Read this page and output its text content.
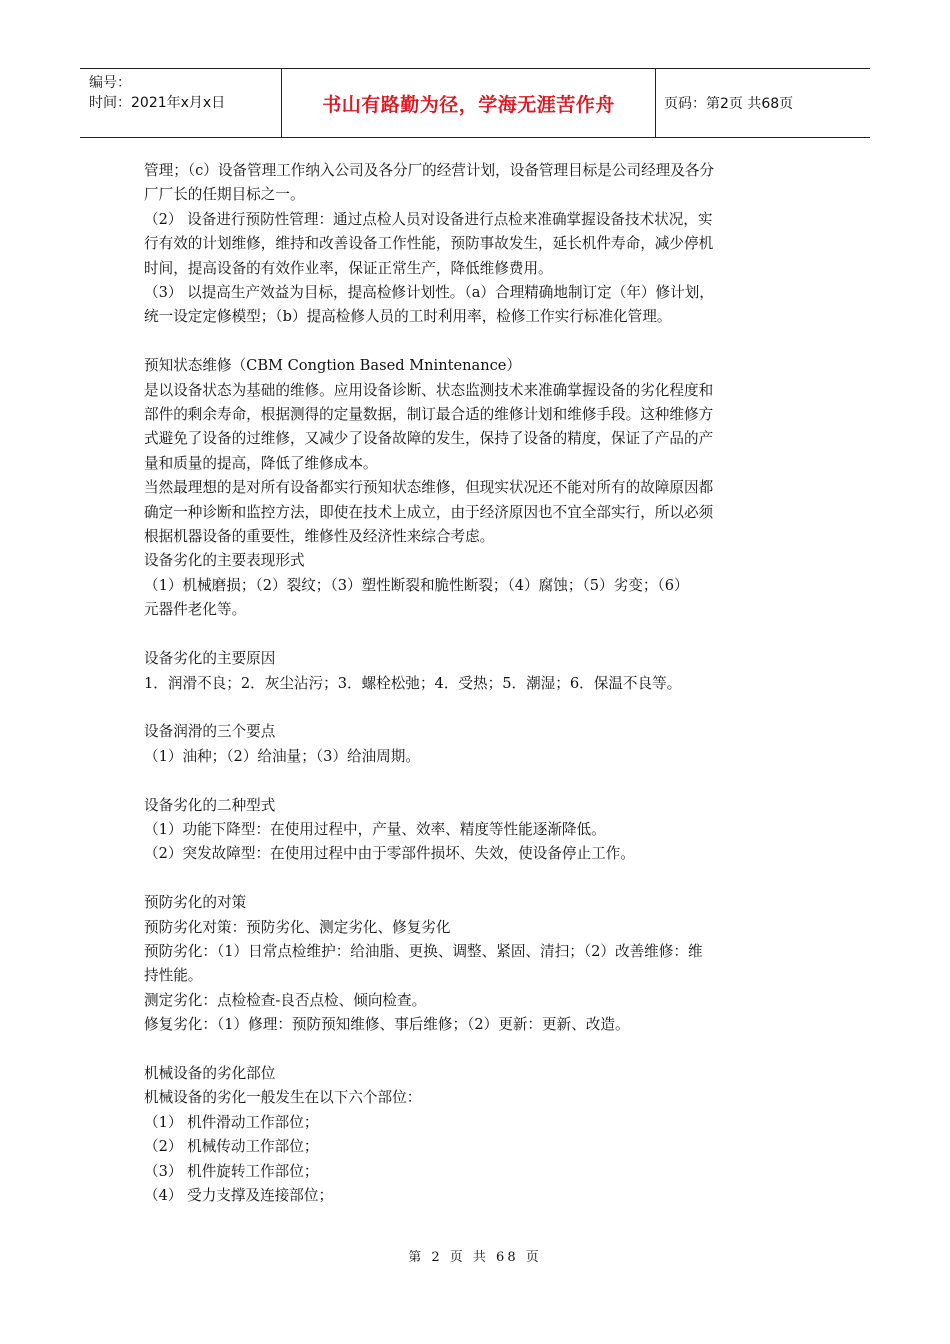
编号：
时间：2021年x月x日	书山有路勤为径，学海无涯苦作舟	页码：第2页 共68页

管理；（c）设备管理工作纳入公司及各分厂的经营计划，设备管理目标是公司经理及各分

厂厂长的任期目标之一。

（2） 设备进行预防性管理：通过点检人员对设备进行点检来准确掌握设备技术状况，实

行有效的计划维修，维持和改善设备工作性能，预防事故发生，延长机件寿命，减少停机

时间，提高设备的有效作业率，保证正常生产，降低维修费用。

（3） 以提高生产效益为目标，提高检修计划性。（a）合理精确地制订定（年）修计划，

统一设定定修模型；（b）提高检修人员的工时利用率，检修工作实行标准化管理。

预知状态维修（CBM Congtion Based Mnintenance）

是以设备状态为基础的维修。应用设备诊断、状态监测技术来准确掌握设备的劣化程度和

部件的剩余寿命，根据测得的定量数据，制订最合适的维修计划和维修手段。这种维修方

式避免了设备的过维修，又减少了设备故障的发生，保持了设备的精度，保证了产品的产

量和质量的提高，降低了维修成本。

当然最理想的是对所有设备都实行预知状态维修，但现实状况还不能对所有的故障原因都

确定一种诊断和监控方法，即使在技术上成立，由于经济原因也不宜全部实行，所以必须

根据机器设备的重要性，维修性及经济性来综合考虑。

设备劣化的主要表现形式

（1）机械磨损；（2）裂纹；（3）塑性断裂和脆性断裂；（4）腐蚀；（5）劣变；（6）

元器件老化等。

设备劣化的主要原因

1．润滑不良；2．灰尘沾污；3．螺栓松弛；4．受热；5．潮湿；6．保温不良等。

设备润滑的三个要点

（1）油种；（2）给油量；（3）给油周期。

设备劣化的二种型式

（1）功能下降型：在使用过程中，产量、效率、精度等性能逐渐降低。

（2）突发故障型：在使用过程中由于零部件损坏、失效，使设备停止工作。

预防劣化的对策

预防劣化对策：预防劣化、测定劣化、修复劣化

预防劣化：（1）日常点检维护：给油脂、更换、调整、紧固、清扫；（2）改善维修：维

持性能。

测定劣化：点检检查-良否点检、倾向检查。

修复劣化：（1）修理：预防预知维修、事后维修；（2）更新：更新、改造。

机械设备的劣化部位

机械设备的劣化一般发生在以下六个部位：

（1） 机件滑动工作部位；

（2） 机械传动工作部位；

（3） 机件旋转工作部位；

（4） 受力支撑及连接部位；

第 2 页 共 68 页
